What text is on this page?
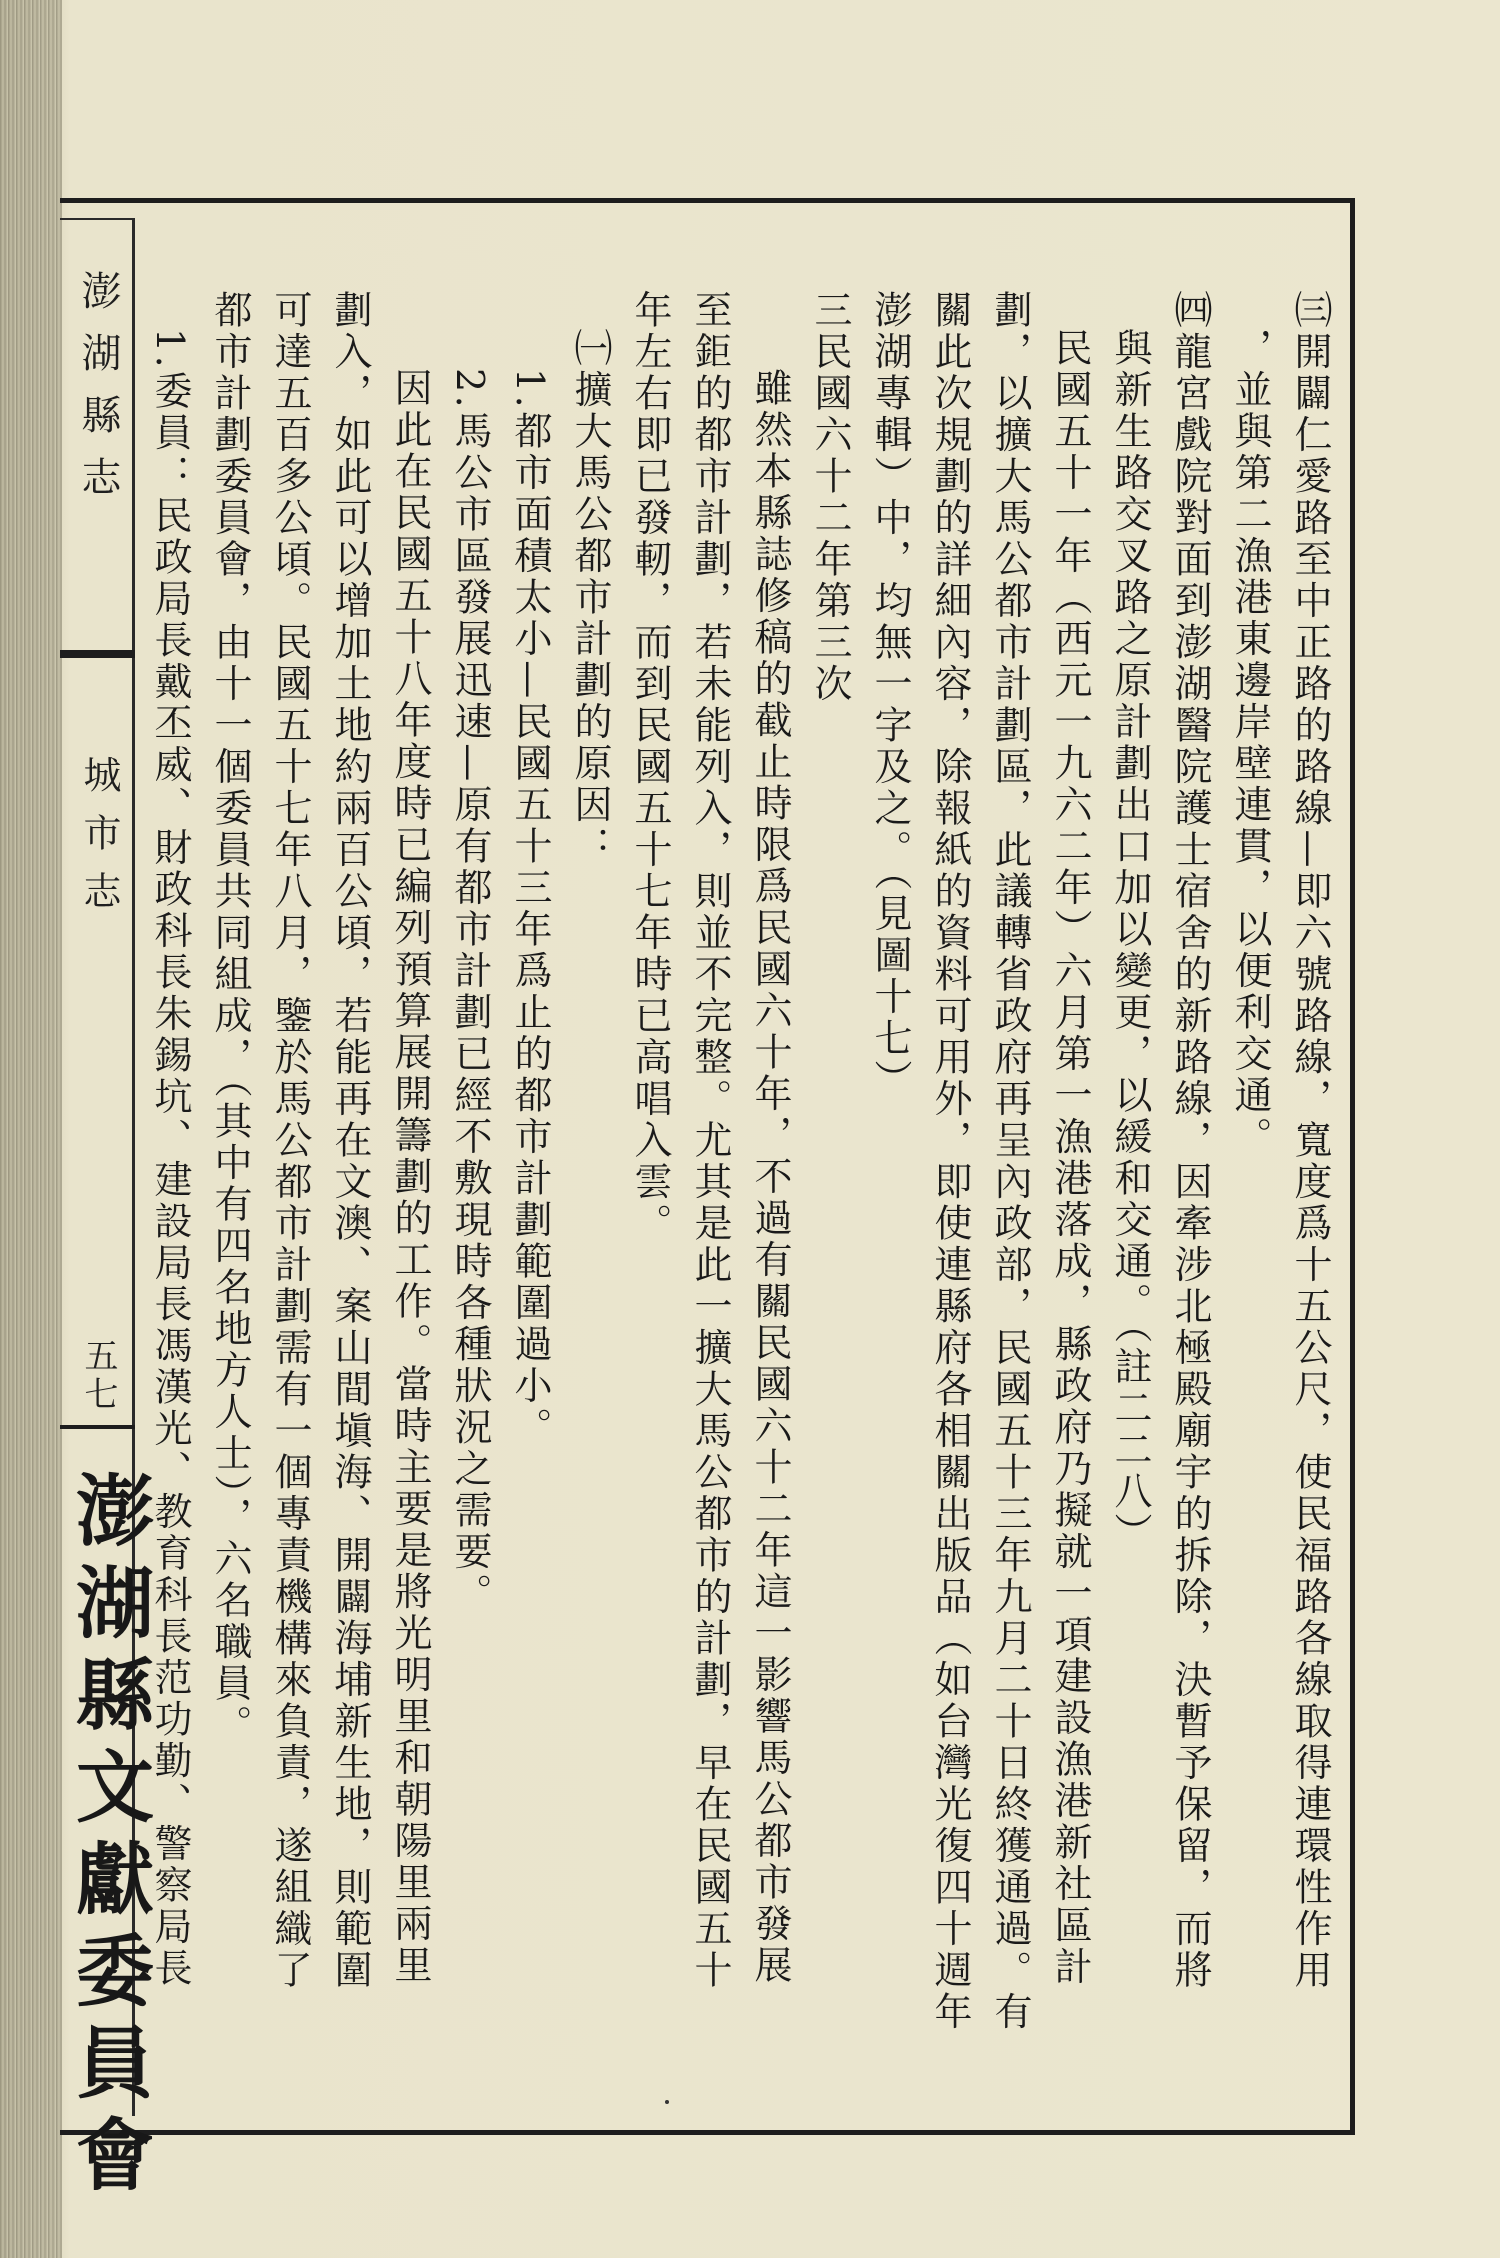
澎湖縣志
城市志
五七
澎湖縣文獻委員會	㈢開闢仁愛路至中正路的路線—即六號路線，寬度爲十五公尺，使民福路各線取得連環性作用

，並與第二漁港東邊岸壁連貫，以便利交通。

㈣龍宮戲院對面到澎湖醫院護士宿舍的新路線，因牽涉北極殿廟宇的拆除，決暫予保留，而將

與新生路交叉路之原計劃出口加以變更，以緩和交通。（註二二八）

民國五十一年（西元一九六二年）六月第一漁港落成，縣政府乃擬就一項建設漁港新社區計

劃，以擴大馬公都市計劃區，此議轉省政府再呈內政部，民國五十三年九月二十日終獲通過。有

關此次規劃的詳細內容，除報紙的資料可用外，即使連縣府各相關出版品（如台灣光復四十週年

澎湖專輯）中，均無一字及之。（見圖十七）

三民國六十二年第三次

雖然本縣誌修稿的截止時限爲民國六十年，不過有關民國六十二年這一影響馬公都市發展

至鉅的都市計劃，若未能列入，則並不完整。尤其是此一擴大馬公都市的計劃，早在民國五十

年左右即已發軔，而到民國五十七年時已高唱入雲。

㈠擴大馬公都市計劃的原因：

1.都市面積太小—民國五十三年爲止的都市計劃範圍過小。

2.馬公市區發展迅速—原有都市計劃已經不敷現時各種狀況之需要。

因此在民國五十八年度時已編列預算展開籌劃的工作。當時主要是將光明里和朝陽里兩里

劃入，如此可以增加土地約兩百公頃，若能再在文澳、案山間塡海、開闢海埔新生地，則範圍

可達五百多公頃。民國五十七年八月，鑒於馬公都市計劃需有一個專責機構來負責，遂組織了

都市計劃委員會，由十一個委員共同組成，（其中有四名地方人士），六名職員。

1.委員：民政局長戴丕威、財政科長朱錫坑、建設局長馮漢光、教育科長范功勤、警察局長
